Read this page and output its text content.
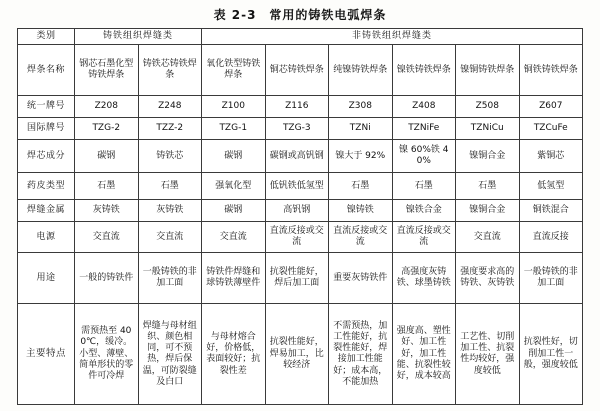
表 2-3　常用的铸铁电弧焊条
类别	铸铁组织焊缝类		非铸铁组织焊缝类					
焊条名称	钢芯石墨化型铸铁焊条	铸铁芯铸铁焊条	氧化铁型铸铁焊条	铜芯铸铁焊条	纯镍铸铁焊条	镍铁铸铁焊条	镍铜铸铁焊条	铜铁铸铁焊条
统一牌号	Z208	Z248	Z100	Z116	Z308	Z408	Z508	Z607
国际牌号	TZG-2	TZZ-2	TZG-1	TZG-3	TZNi	TZNiFe	TZNiCu	TZCuFe
焊芯成分	碳钢	铸铁芯	碳钢	碳钢或高钒钢	镍大于 92%	镍 60%铁 40%	镍铜合金	紫铜芯
药皮类型	石墨	石墨	强氧化型	低钒铁低氢型	石墨	石墨	石墨	低氢型
焊缝金属	灰铸铁	灰铸铁	碳钢	高钒钢	镍铸铁	镍铁合金	镍铜合金	铜铁混合
电源	交直流	交直流	交直流	直流反接或交流	直流反接或交流	直流反接或交流	交直流	直流反接
用途	一般的铸铁件	一般铸铁的非加工面	铸铁件焊缝和球铸铁薄壁件	抗裂性能好，焊后加工面	重要灰铸铁件	高强度灰铸铁、球墨铸铁	强度要求高的铸铁、灰铸铁	一般铸铁的非加工面
主要特点	需预热至 400℃，缓冷。小型、薄壁、简单形状的零件可冷焊	焊缝与母材组织、颜色相同，可不预热，焊后保温，可防裂缝及白口	与母材熔合好，价格低，表面较好；抗裂性差	抗裂性能好，焊易加工，比较经济	不需预热，加工性能好，抗裂性能好，焊接加工性能好；成本高，不能加热	强度高、塑性好、加工性好，加工性能、抗裂性较好，成本较高	工艺性、切削加工性、抗裂性均较好，强度较低	抗裂性好，切削加工性一般，强度较低
